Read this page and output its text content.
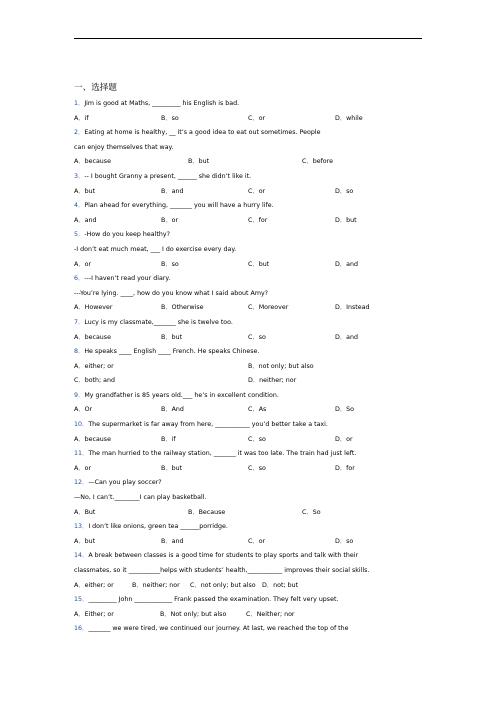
一、选择题
1．Jim is good at Maths, _________ his English is bad.
A．if	B．so	C．or	D．while
2．Eating at home is healthy, __ it’s a good idea to eat out sometimes. People
can enjoy themselves that way.
A．because	B．but	C．before
3．-- I bought Granny a present, ______ she didn’t like it.
A．but	B．and	C．or	D．so
4．Plan ahead for everything, _______ you will have a hurry life.
A．and	B．or	C．for	D．but
5．-How do you keep healthy?
-I don’t eat much meat, ___ I do exercise every day.
A．or	B．so	C．but	D．and
6．---I haven’t read your diary.
---You’re lying. ____, how do you know what I said about Amy?
A．However	B．Otherwise	C．Moreover	D．Instead
7．Lucy is my classmate,_______ she is twelve too.
A．because	B．but	C．so	D．and
8．He speaks ____ English ____ French. He speaks Chinese.
A．either; or	B．not only; but also
C．both; and	D．neither; nor
9．My grandfather is 85 years old.___ he’s in excellent condition.
A．Or	B．And	C．As	D．So
10．The supermarket is far away from here, ___________ you’d better take a taxi.
A．because	B．if	C．so	D．or
11．The man hurried to the railway station, _______ it was too late. The train had just left.
A．or	B．but	C．so	D．for
12．—Can you play soccer?
—No, I can’t.________I can play basketball.
A．But	B．Because	C．So
13．I don’t like onions, green tea ______porridge.
A．but	B．and	C．or	D．so
14．A break between classes is a good time for students to play sports and talk with their
classmates, so it __________helps with students’ health,___________ improves their social skills.
A．either; or	B．neither; nor	C．not only; but also	D．not; but
15．_________ John ____________ Frank passed the examination. They felt very upset.
A．Either; or	B．Not only; but also	C．Neither; nor
16．_______ we were tired, we continued our journey. At last, we reached the top of the
